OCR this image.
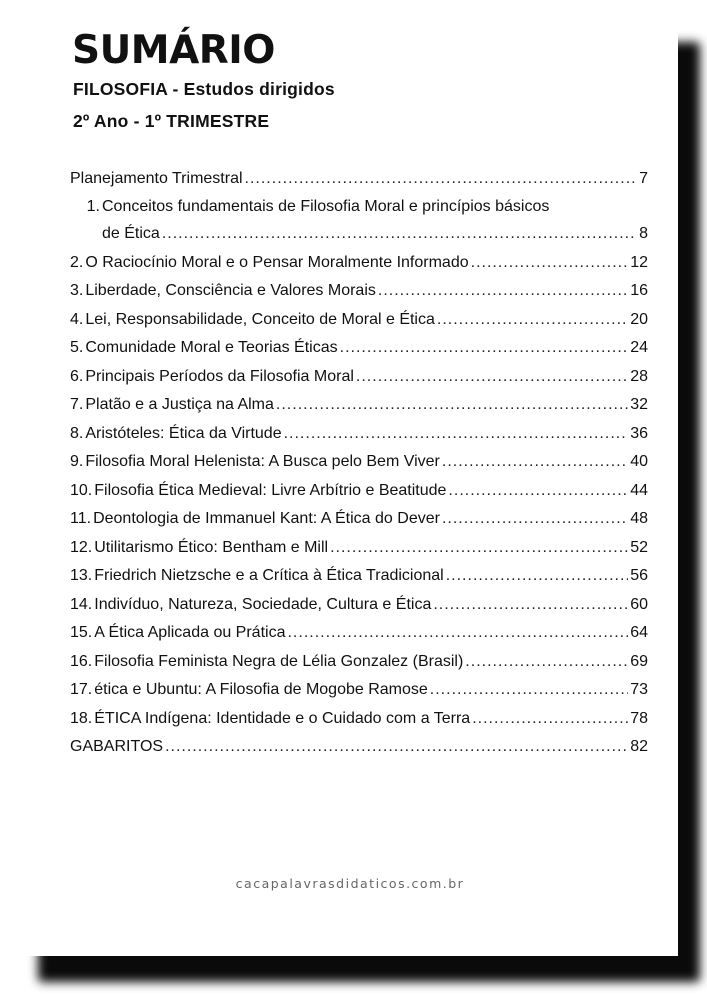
SUMÁRIO
FILOSOFIA - Estudos dirigidos
2º Ano - 1º TRIMESTRE
Planejamento Trimestral .....	7
1. Conceitos fundamentais de Filosofia Moral e princípios básicos
de Ética .....	8
2. O Raciocínio Moral e o Pensar Moralmente Informado .....	12
3. Liberdade, Consciência e Valores Morais .....	16
4. Lei, Responsabilidade, Conceito de Moral e Ética .....	20
5. Comunidade Moral e Teorias Éticas .....	24
6. Principais Períodos da Filosofia Moral .....	28
7. Platão e a Justiça na Alma .....	32
8. Aristóteles: Ética da Virtude .....	36
9. Filosofia Moral Helenista: A Busca pelo Bem Viver .....	40
10. Filosofia Ética Medieval: Livre Arbítrio e Beatitude .....	44
11. Deontologia de Immanuel Kant: A Ética do Dever .....	48
12. Utilitarismo Ético: Bentham e Mill .....	52
13. Friedrich Nietzsche e a Crítica à Ética Tradicional .....	56
14. Indivíduo, Natureza, Sociedade, Cultura e Ética .....	60
15. A Ética Aplicada ou Prática .....	64
16. Filosofia Feminista Negra de Lélia Gonzalez (Brasil) .....	69
17. ética e Ubuntu: A Filosofia de Mogobe Ramose .....	73
18. ÉTICA Indígena: Identidade e o Cuidado com a Terra .....	78
GABARITOS .....	82
cacapalavrasdidaticos.com.br
